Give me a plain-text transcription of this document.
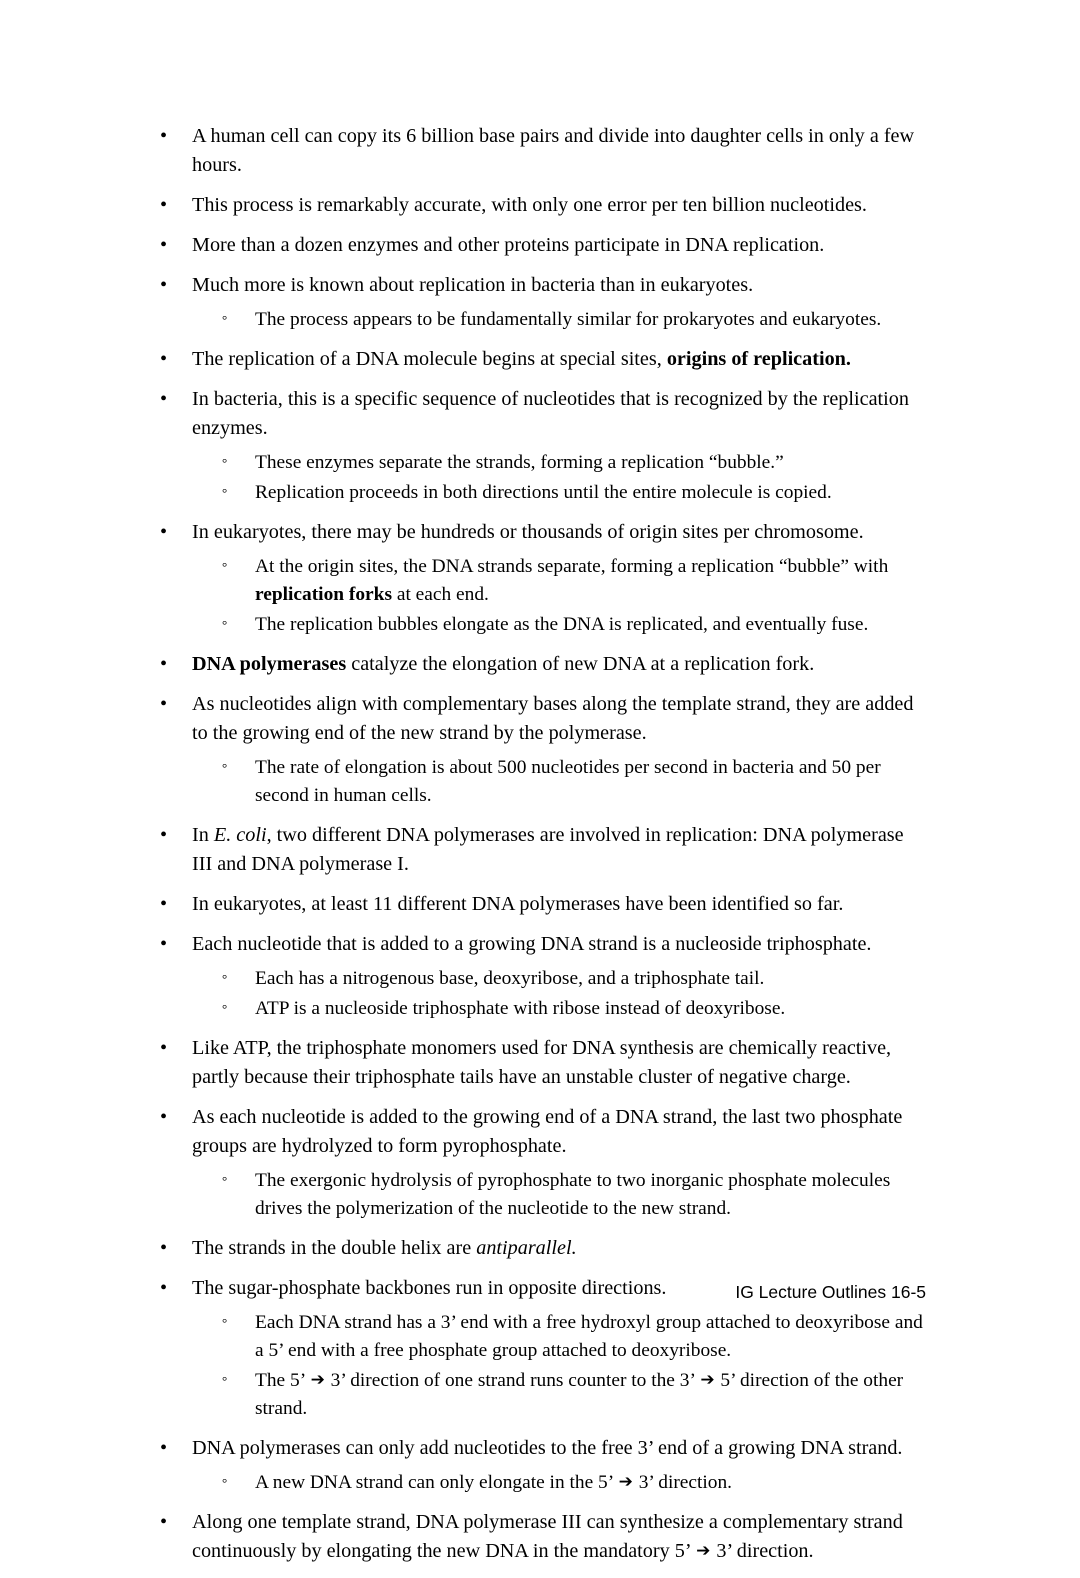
•	A human cell can copy its 6 billion base pairs and divide into daughter cells in only a few hours.
•	This process is remarkably accurate, with only one error per ten billion nucleotides.
•	More than a dozen enzymes and other proteins participate in DNA replication.
•	Much more is known about replication in bacteria than in eukaryotes.
°	The process appears to be fundamentally similar for prokaryotes and eukaryotes.
•	The replication of a DNA molecule begins at special sites, origins of replication.
•	In bacteria, this is a specific sequence of nucleotides that is recognized by the replication enzymes.
°	These enzymes separate the strands, forming a replication “bubble.”
°	Replication proceeds in both directions until the entire molecule is copied.
•	In eukaryotes, there may be hundreds or thousands of origin sites per chromosome.
°	At the origin sites, the DNA strands separate, forming a replication “bubble” with replication forks at each end.
°	The replication bubbles elongate as the DNA is replicated, and eventually fuse.
•	DNA polymerases catalyze the elongation of new DNA at a replication fork.
•	As nucleotides align with complementary bases along the template strand, they are added to the growing end of the new strand by the polymerase.
°	The rate of elongation is about 500 nucleotides per second in bacteria and 50 per second in human cells.
•	In E. coli, two different DNA polymerases are involved in replication: DNA polymerase III and DNA polymerase I.
•	In eukaryotes, at least 11 different DNA polymerases have been identified so far.
•	Each nucleotide that is added to a growing DNA strand is a nucleoside triphosphate.
°	Each has a nitrogenous base, deoxyribose, and a triphosphate tail.
°	ATP is a nucleoside triphosphate with ribose instead of deoxyribose.
•	Like ATP, the triphosphate monomers used for DNA synthesis are chemically reactive, partly because their triphosphate tails have an unstable cluster of negative charge.
•	As each nucleotide is added to the growing end of a DNA strand, the last two phosphate groups are hydrolyzed to form pyrophosphate.
°	The exergonic hydrolysis of pyrophosphate to two inorganic phosphate molecules drives the polymerization of the nucleotide to the new strand.
•	The strands in the double helix are antiparallel.
•	The sugar-phosphate backbones run in opposite directions.
°	Each DNA strand has a 3’ end with a free hydroxyl group attached to deoxyribose and a 5’ end with a free phosphate group attached to deoxyribose.
°	The 5’ ➔ 3’ direction of one strand runs counter to the 3’ ➔ 5’ direction of the other strand.
•	DNA polymerases can only add nucleotides to the free 3’ end of a growing DNA strand.
°	A new DNA strand can only elongate in the 5’ ➔ 3’ direction.
•	Along one template strand, DNA polymerase III can synthesize a complementary strand continuously by elongating the new DNA in the mandatory 5’ ➔ 3’ direction.
IG Lecture Outlines 16-5
